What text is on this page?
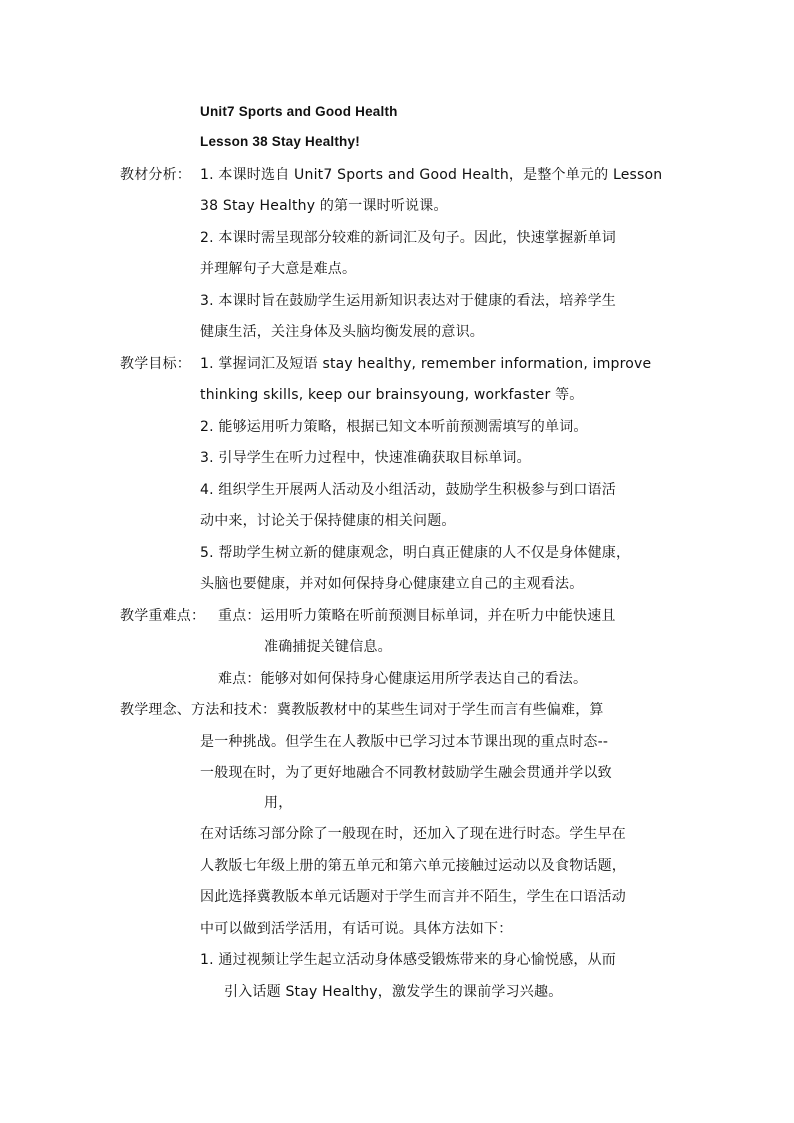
Unit7 Sports and Good Health
Lesson 38 Stay Healthy!
教材分析： 1. 本课时选自 Unit7 Sports and Good Health，是整个单元的 Lesson
38 Stay Healthy 的第一课时听说课。
2. 本课时需呈现部分较难的新词汇及句子。因此，快速掌握新单词
并理解句子大意是难点。
3. 本课时旨在鼓励学生运用新知识表达对于健康的看法，培养学生
健康生活，关注身体及头脑均衡发展的意识。
教学目标： 1. 掌握词汇及短语 stay healthy, remember information, improve
thinking skills, keep our brainsyoung, workfaster 等。
2. 能够运用听力策略，根据已知文本听前预测需填写的单词。
3. 引导学生在听力过程中，快速准确获取目标单词。
4. 组织学生开展两人活动及小组活动，鼓励学生积极参与到口语活
动中来，讨论关于保持健康的相关问题。
5. 帮助学生树立新的健康观念，明白真正健康的人不仅是身体健康，
头脑也要健康，并对如何保持身心健康建立自己的主观看法。
教学重难点： 重点：运用听力策略在听前预测目标单词，并在听力中能快速且
准确捕捉关键信息。
难点：能够对如何保持身心健康运用所学表达自己的看法。
教学理念、方法和技术： 冀教版教材中的某些生词对于学生而言有些偏难，算
是一种挑战。但学生在人教版中已学习过本节课出现的重点时态--
一般现在时，为了更好地融合不同教材鼓励学生融会贯通并学以致
用，
在对话练习部分除了一般现在时，还加入了现在进行时态。学生早在
人教版七年级上册的第五单元和第六单元接触过运动以及食物话题，
因此选择冀教版本单元话题对于学生而言并不陌生，学生在口语活动
中可以做到活学活用，有话可说。具体方法如下：
1. 通过视频让学生起立活动身体感受锻炼带来的身心愉悦感，从而
引入话题 Stay Healthy，激发学生的课前学习兴趣。
